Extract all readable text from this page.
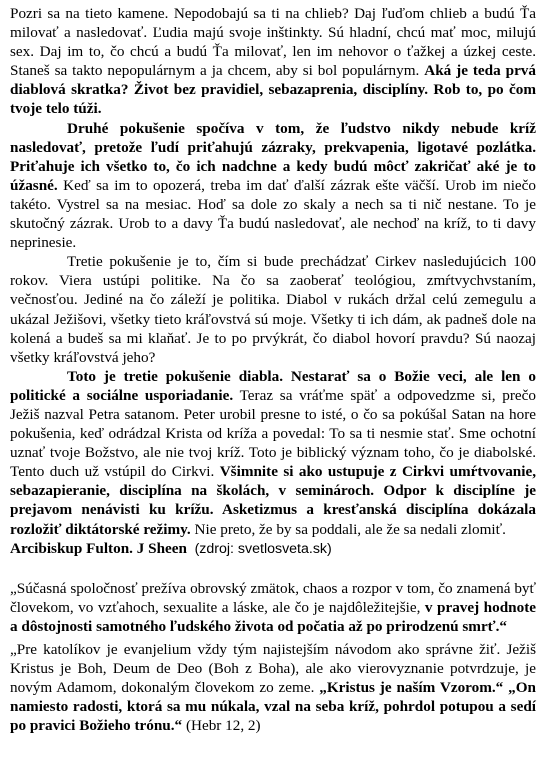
Pozri sa na tieto kamene. Nepodobajú sa ti na chlieb? Daj ľuďom chlieb a budú Ťa milovať a nasledovať. Ľudia majú svoje inštinkty. Sú hladní, chcú mať moc, milujú sex. Daj im to, čo chcú a budú Ťa milovať, len im nehovor o ťažkej a úzkej ceste. Staneš sa takto nepopulárnym a ja chcem, aby si bol populárnym. Aká je teda prvá diablová skratka? Život bez pravidiel, sebazaprenia, disciplíny. Rob to, po čom tvoje telo túži.

Druhé pokušenie spočíva v tom, že ľudstvo nikdy nebude kríž nasledovať, pretože ľudí priťahujú zázraky, prekvapenia, ligotavé pozlátka. Priťahuje ich všetko to, čo ich nadchne a kedy budú môcť zakričať aké je to úžasné. Keď sa im to opozerá, treba im dať ďalší zázrak ešte väčší. Urob im niečo takéto. Vystrel sa na mesiac. Hoď sa dole zo skaly a nech sa ti nič nestane. To je skutočný zázrak. Urob to a davy Ťa budú nasledovať, ale nechoď na kríž, to ti davy neprinesie.

Tretie pokušenie je to, čím si bude prechádzať Cirkev nasledujúcich 100 rokov. Viera ustúpi politike. Na čo sa zaoberať teológiou, zmŕtvychvstaním, večnosťou. Jediné na čo záleží je politika. Diabol v rukách držal celú zemegulu a ukázal Ježišovi, všetky tieto kráľovstvá sú moje. Všetky ti ich dám, ak padneš dole na kolená a budeš sa mi klaňať. Je to po prvýkrát, čo diabol hovorí pravdu? Sú naozaj všetky kráľovstvá jeho?

Toto je tretie pokušenie diabla. Nestarať sa o Božie veci, ale len o politické a sociálne usporiadanie. Teraz sa vráťme späť a odpovedzme si, prečo Ježiš nazval Petra satanom. Peter urobil presne to isté, o čo sa pokúšal Satan na hore pokušenia, keď odrádzal Krista od kríža a povedal: To sa ti nesmie stať. Sme ochotní uznať tvoje Božstvo, ale nie tvoj kríž. Toto je biblický význam toho, čo je diabolské. Tento duch už vstúpil do Cirkvi. Všimnite si ako ustupuje z Cirkvi umŕtvovanie, sebazapieranie, disciplína na školách, v seminároch. Odpor k disciplíne je prejavom nenávisti ku krížu. Asketizmus a kresťanská disciplína dokázala rozložiť diktátorské režimy. Nie preto, že by sa poddali, ale že sa nedali zlomiť.

Arcibiskup Fulton. J Sheen (zdroj: svetlosveta.sk)

„Súčasná spoločnosť prežíva obrovský zmätok, chaos a rozpor v tom, čo znamená byť človekom, vo vzťahoch, sexualite a láske, ale čo je najdôležitejšie, v pravej hodnote a dôstojnosti samotného ľudského života od počatia až po prirodzenú smrť.“

„Pre katolíkov je evanjelium vždy tým najistejším návodom ako správne žiť. Ježiš Kristus je Boh, Deum de Deo (Boh z Boha), ale ako vierovyznanie potvrdzuje, je novým Adamom, dokonalým človekom zo zeme. „Kristus je naším Vzorom.“ „On namiesto radosti, ktorá sa mu núkala, vzal na seba kríž, pohrdol potupou a sedí po pravici Božieho trónu.“ (Hebr 12, 2)
